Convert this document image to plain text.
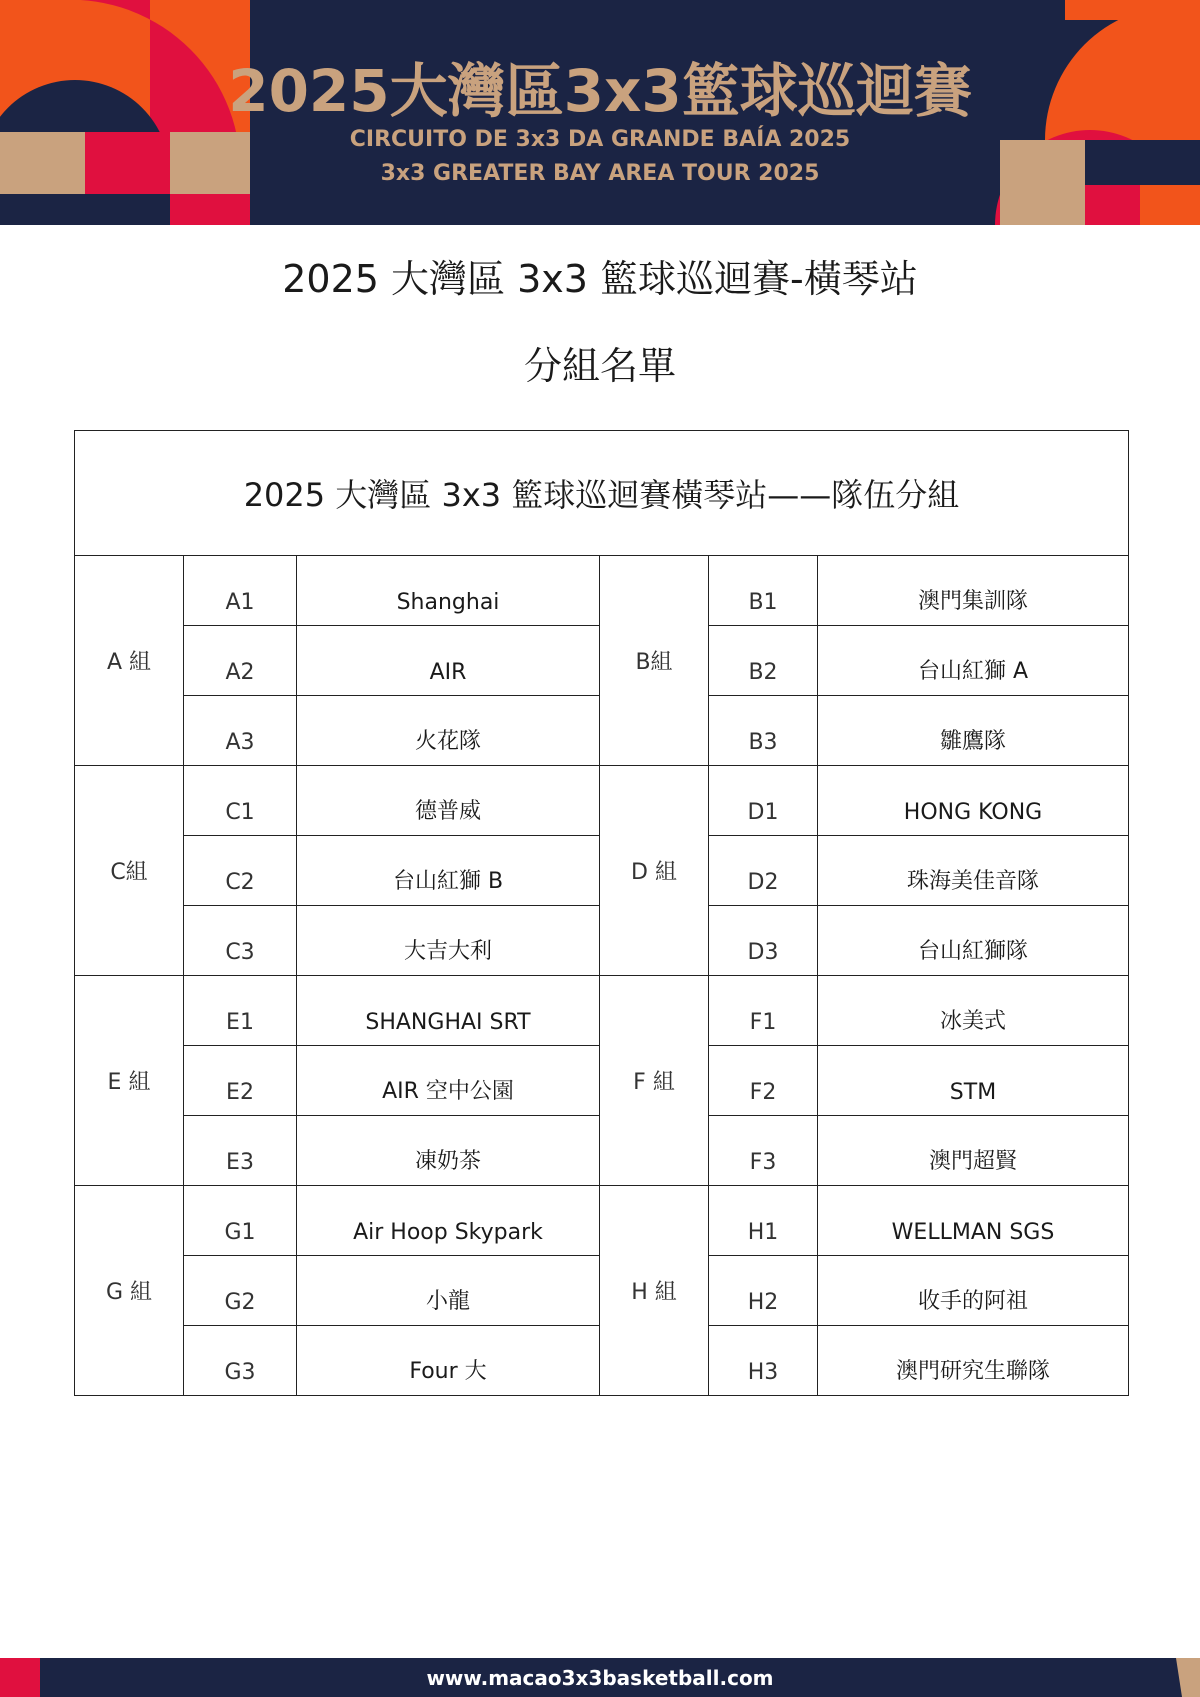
2025大灣區3x3籃球巡迴賽
CIRCUITO DE 3x3 DA GRANDE BAÍA 2025
3x3 GREATER BAY AREA TOUR 2025
2025 大灣區 3x3 籃球巡迴賽-橫琴站
分組名單
2025 大灣區 3x3 籃球巡迴賽橫琴站——隊伍分組					
A 組	A1	Shanghai	B組	B1	澳門集訓隊
	A2	AIR		B2	台山紅獅 A
	A3	火花隊		B3	雛鷹隊
C組	C1	德普威	D 組	D1	HONG KONG
	C2	台山紅獅 B		D2	珠海美佳音隊
	C3	大吉大利		D3	台山紅獅隊
E 組	E1	SHANGHAI SRT	F 組	F1	冰美式
	E2	AIR 空中公園		F2	STM
	E3	凍奶茶		F3	澳門超賢
G 組	G1	Air Hoop Skypark	H 組	H1	WELLMAN SGS
	G2	小龍		H2	收手的阿祖
	G3	Four 大		H3	澳門研究生聯隊
www.macao3x3basketball.com
